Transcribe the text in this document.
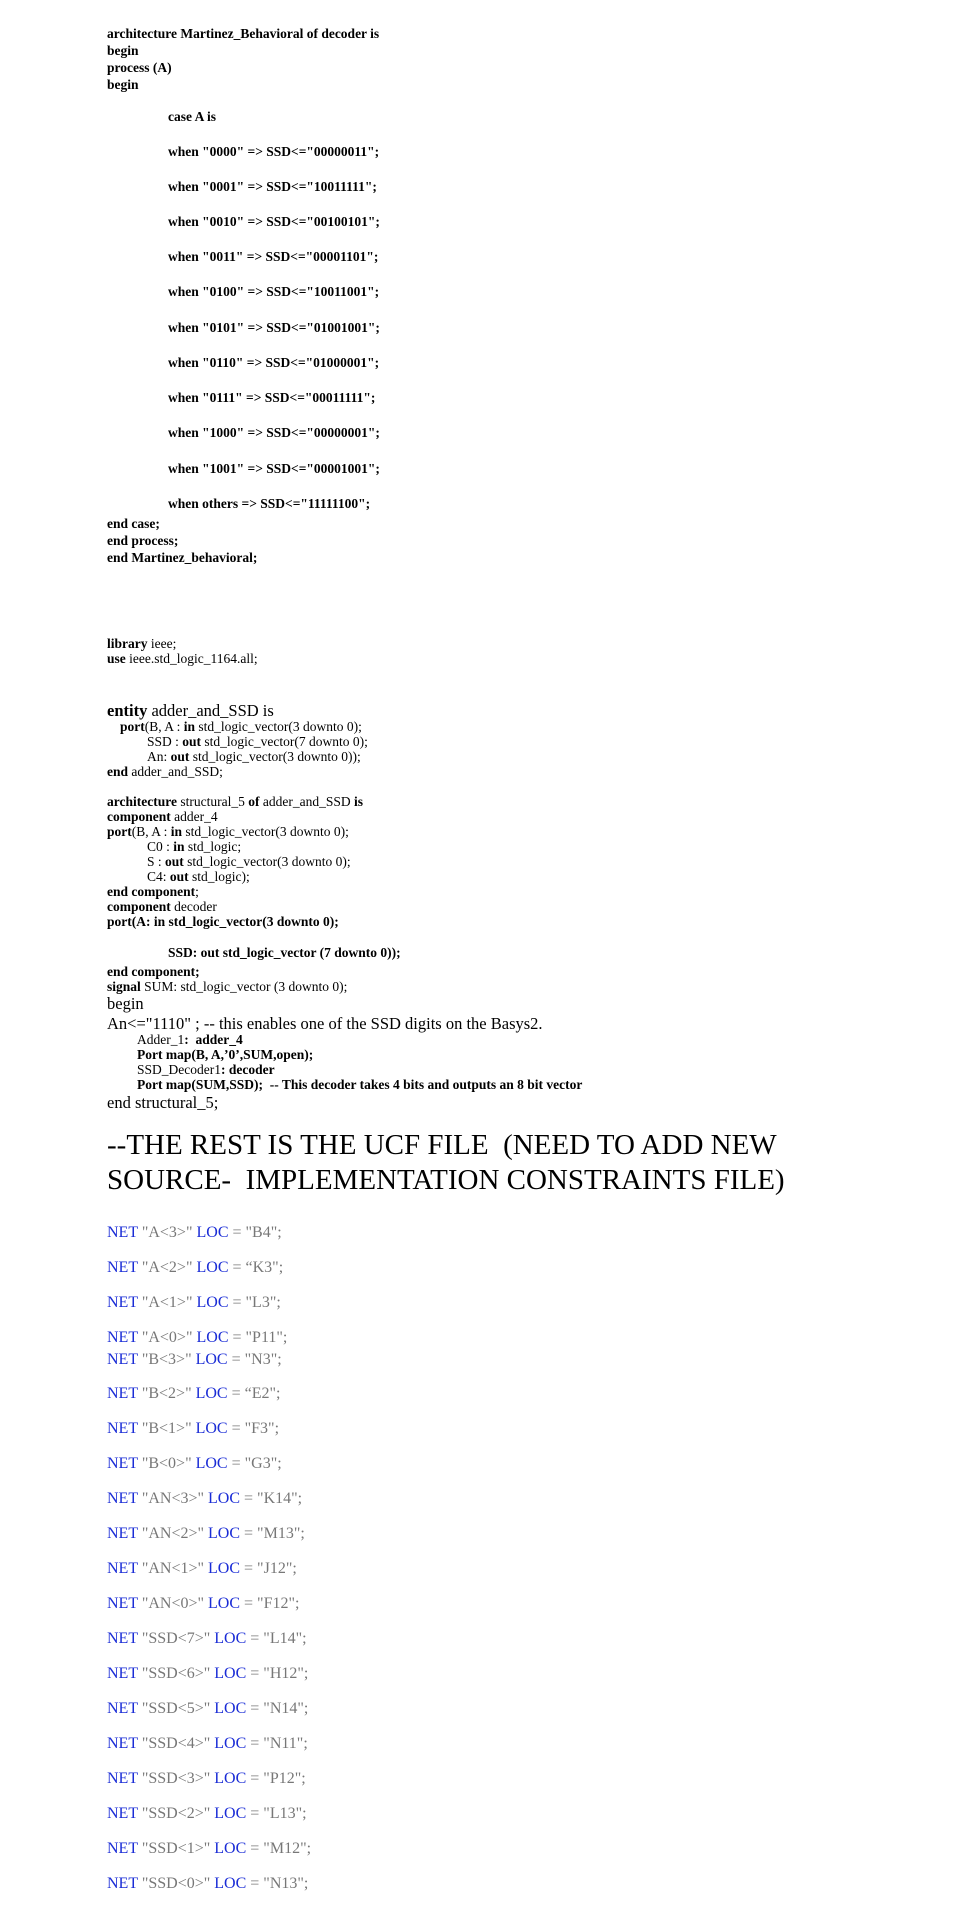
architecture Martinez_Behavioral of decoder is
begin
process (A)
begin
case A is
when "0000" => SSD<="00000011";
when "0001" => SSD<="10011111";
when "0010" => SSD<="00100101";
when "0011" => SSD<="00001101";
when "0100" => SSD<="10011001";
when "0101" => SSD<="01001001";
when "0110" => SSD<="01000001";
when "0111" => SSD<="00011111";
when "1000" => SSD<="00000001";
when "1001" => SSD<="00001001";
when others => SSD<="11111100";
end case;
end process;
end Martinez_behavioral;
library ieee;
use ieee.std_logic_1164.all;
entity adder_and_SSD is
port(B, A : in std_logic_vector(3 downto 0);
SSD : out std_logic_vector(7 downto 0);
An: out std_logic_vector(3 downto 0));
end adder_and_SSD;
architecture structural_5 of adder_and_SSD is
component adder_4
port(B, A : in std_logic_vector(3 downto 0);
C0 : in std_logic;
S : out std_logic_vector(3 downto 0);
C4: out std_logic);
end component;
component decoder
port(A: in std_logic_vector(3 downto 0);
SSD: out std_logic_vector (7 downto 0));
end component;
signal SUM: std_logic_vector (3 downto 0);
begin
An<="1110" ; -- this enables one of the SSD digits on the Basys2.
Adder_1:  adder_4
Port map(B, A,’0’,SUM,open);
SSD_Decoder1: decoder
Port map(SUM,SSD);  -- This decoder takes 4 bits and outputs an 8 bit vector
end structural_5;
--THE REST IS THE UCF FILE  (NEED TO ADD NEW
SOURCE-  IMPLEMENTATION CONSTRAINTS FILE)
NET "A<3>" LOC = "B4";
NET "A<2>" LOC = “K3";
NET "A<1>" LOC = "L3";
NET "A<0>" LOC = "P11";
NET "B<3>" LOC = "N3";
NET "B<2>" LOC = “E2";
NET "B<1>" LOC = "F3";
NET "B<0>" LOC = "G3";
NET "AN<3>" LOC = "K14";
NET "AN<2>" LOC = "M13";
NET "AN<1>" LOC = "J12";
NET "AN<0>" LOC = "F12";
NET "SSD<7>" LOC = "L14";
NET "SSD<6>" LOC = "H12";
NET "SSD<5>" LOC = "N14";
NET "SSD<4>" LOC = "N11";
NET "SSD<3>" LOC = "P12";
NET "SSD<2>" LOC = "L13";
NET "SSD<1>" LOC = "M12";
NET "SSD<0>" LOC = "N13";
